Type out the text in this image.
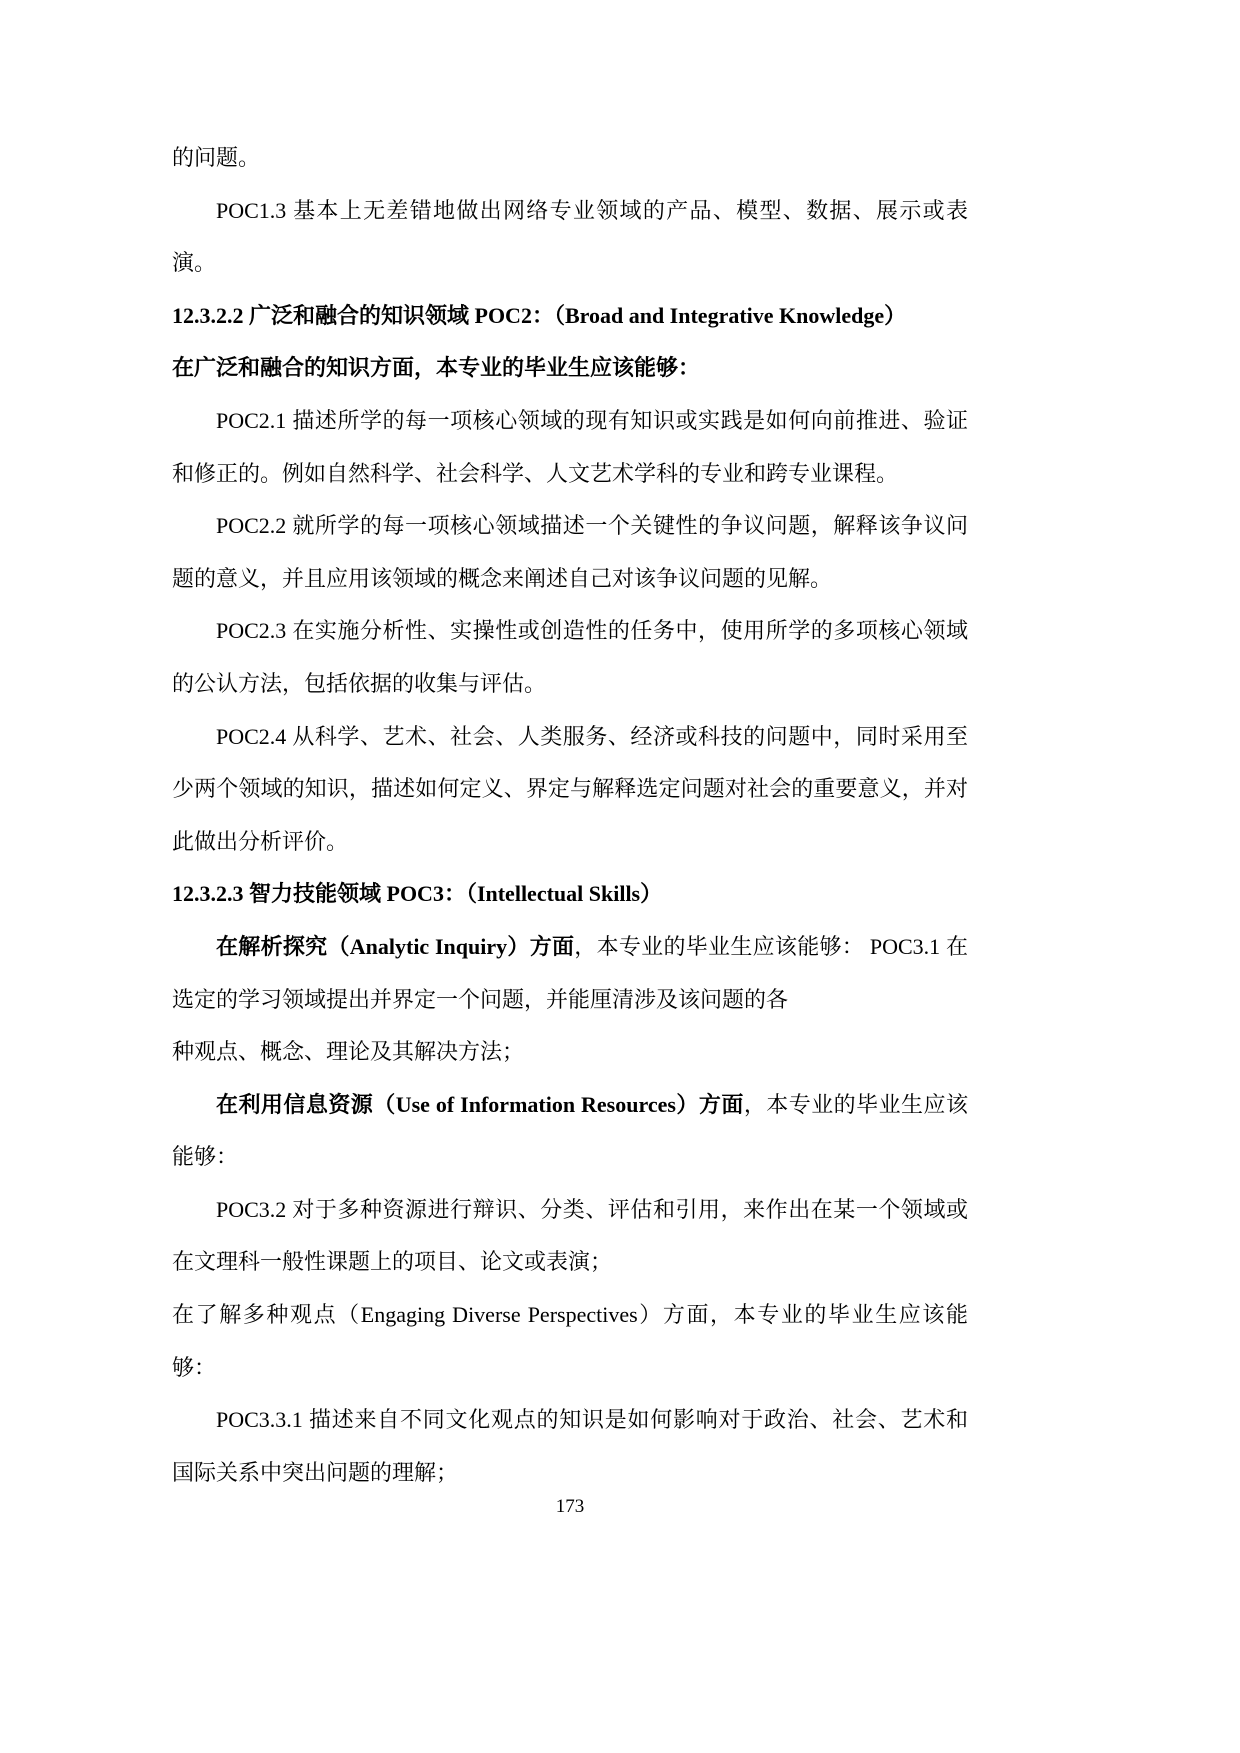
的问题。

POC1.3 基本上无差错地做出网络专业领域的产品、模型、数据、展示或表演。

12.3.2.2 广泛和融合的知识领域 POC2：（Broad and Integrative Knowledge）
在广泛和融合的知识方面，本专业的毕业生应该能够：

POC2.1 描述所学的每一项核心领域的现有知识或实践是如何向前推进、验证和修正的。例如自然科学、社会科学、人文艺术学科的专业和跨专业课程。

POC2.2 就所学的每一项核心领域描述一个关键性的争议问题，解释该争议问题的意义，并且应用该领域的概念来阐述自己对该争议问题的见解。

POC2.3 在实施分析性、实操性或创造性的任务中，使用所学的多项核心领域的公认方法，包括依据的收集与评估。

POC2.4 从科学、艺术、社会、人类服务、经济或科技的问题中，同时采用至少两个领域的知识，描述如何定义、界定与解释选定问题对社会的重要意义，并对此做出分析评价。

12.3.2.3 智力技能领域 POC3：（Intellectual Skills）

在解析探究（Analytic Inquiry）方面，本专业的毕业生应该能够： POC3.1 在选定的学习领域提出并界定一个问题，并能厘清涉及该问题的各
种观点、概念、理论及其解决方法；

在利用信息资源（Use of Information Resources）方面，本专业的毕业生应该能够：

POC3.2 对于多种资源进行辩识、分类、评估和引用，来作出在某一个领域或在文理科一般性课题上的项目、论文或表演；

在了解多种观点（Engaging Diverse Perspectives）方面，本专业的毕业生应该能够：

POC3.3.1 描述来自不同文化观点的知识是如何影响对于政治、社会、艺术和国际关系中突出问题的理解；

173
